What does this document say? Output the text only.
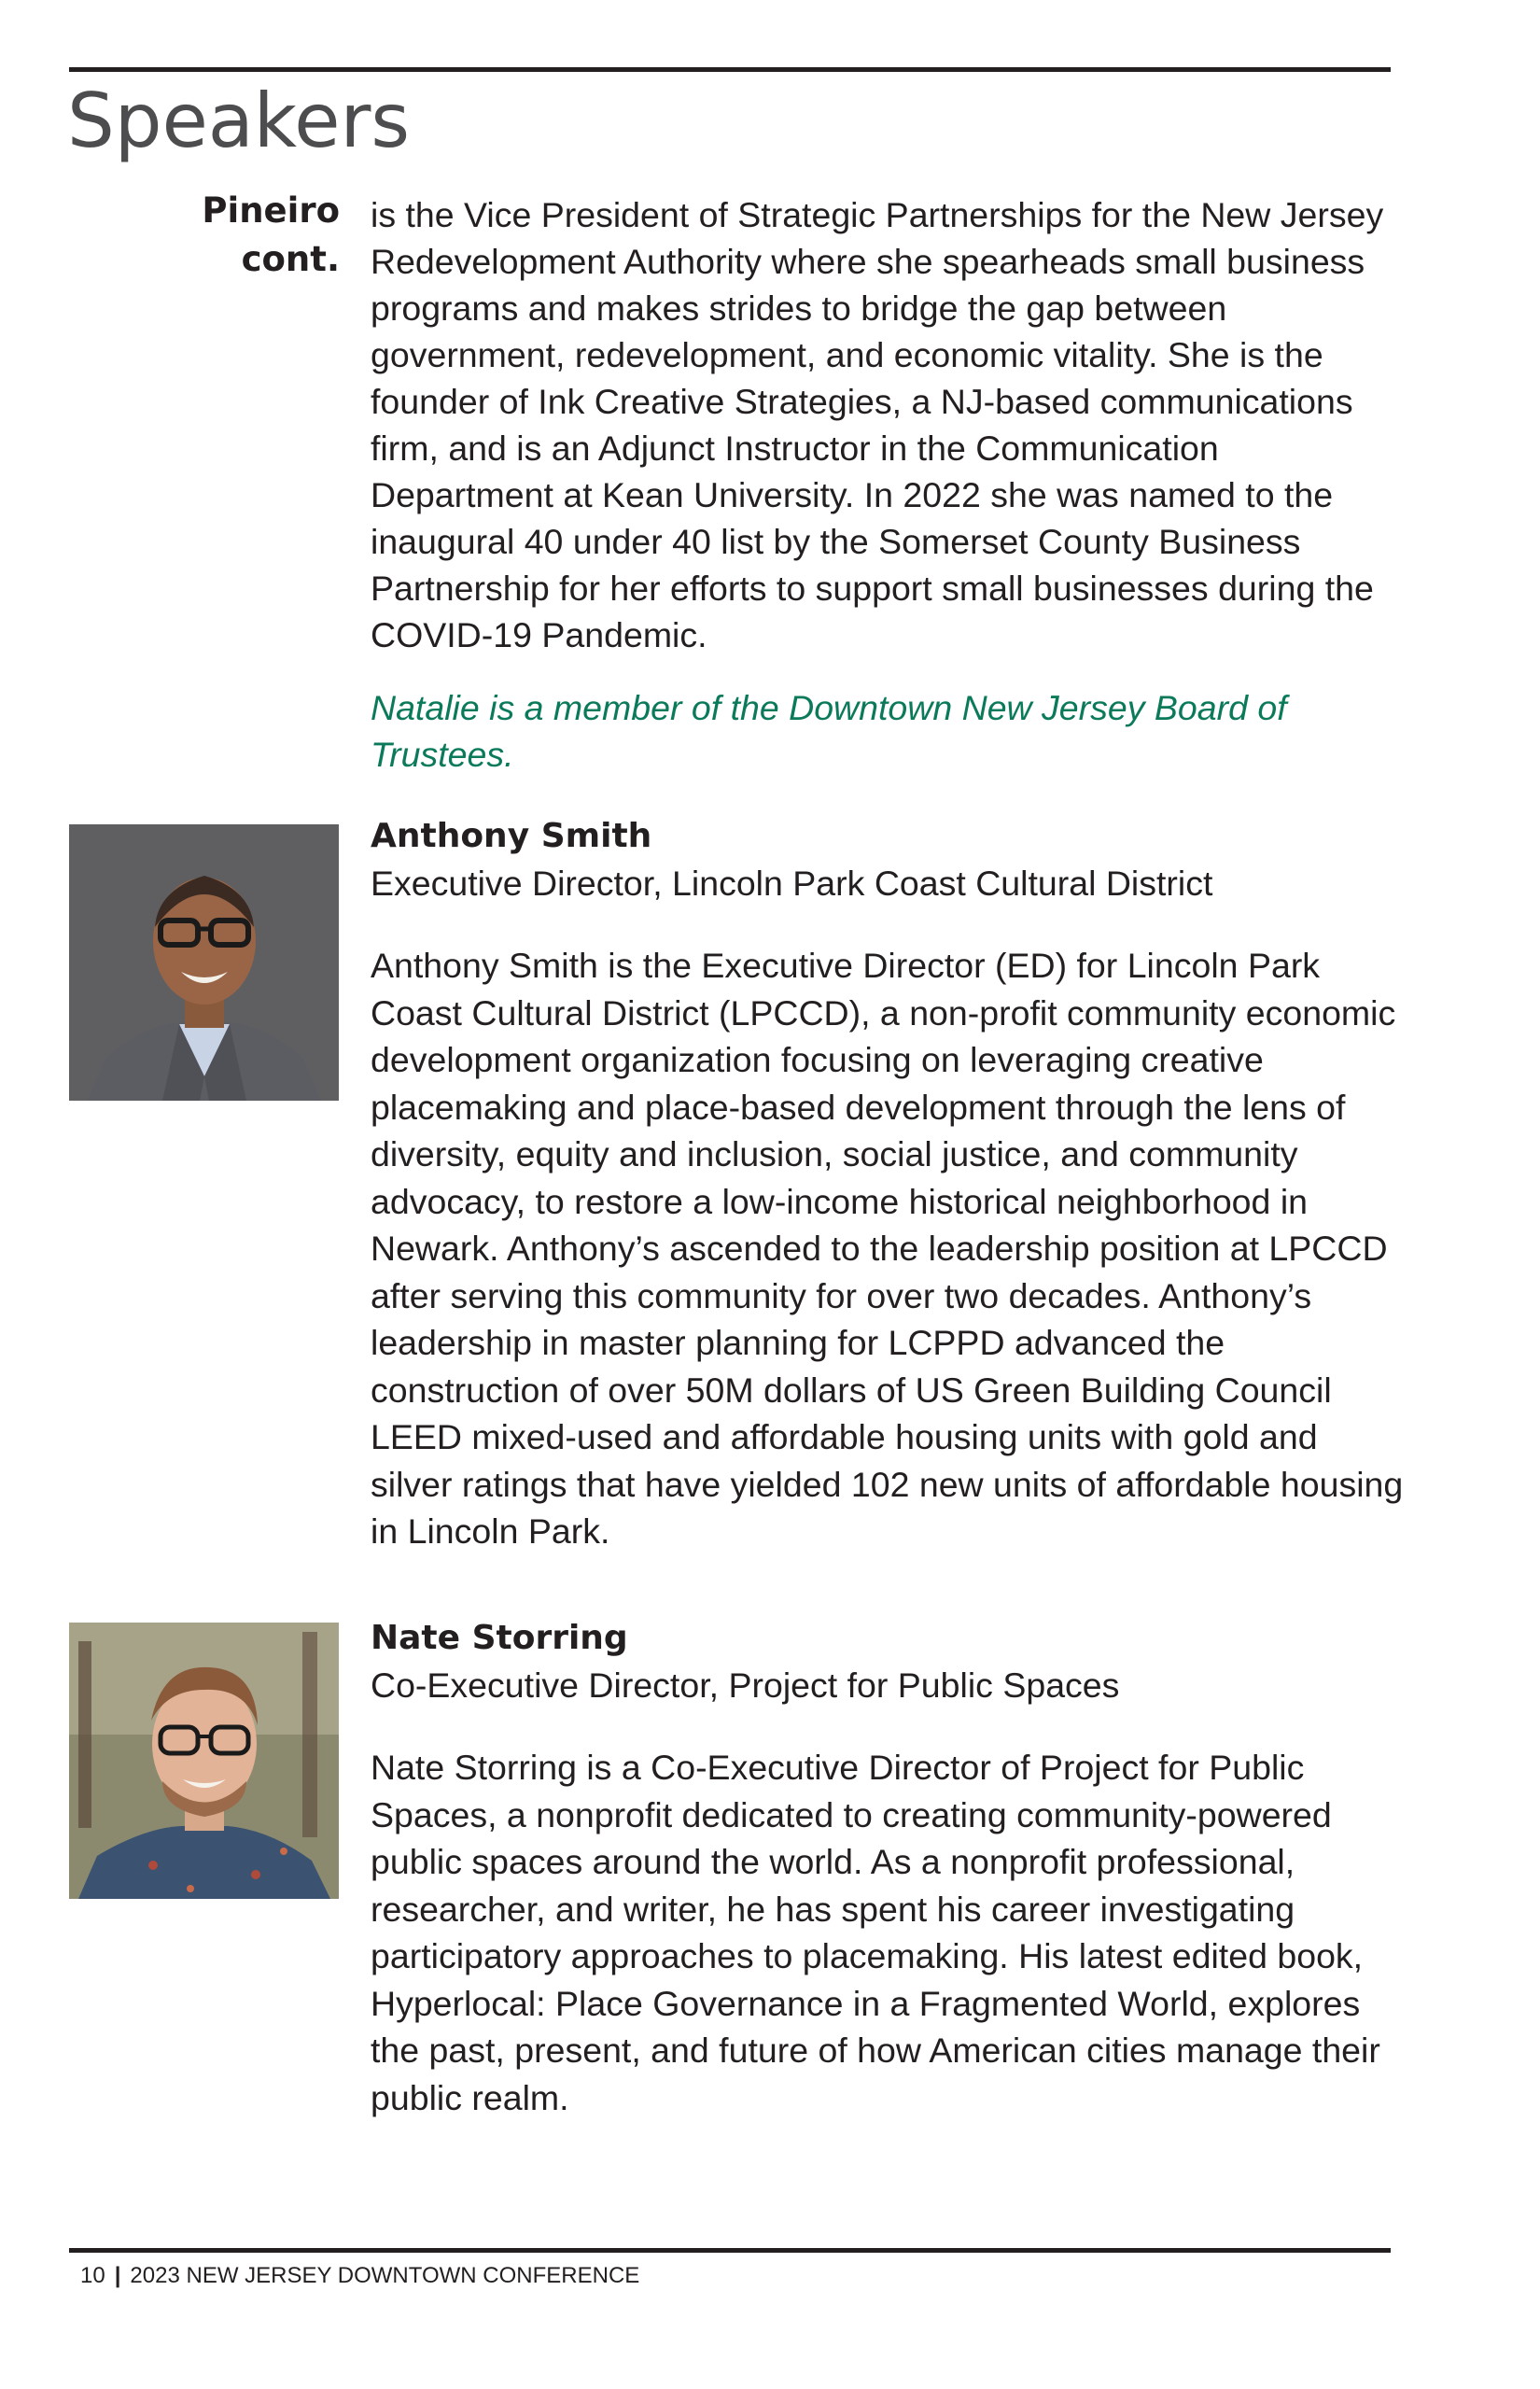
Speakers
Pineiro
cont.

is the Vice President of Strategic Partnerships for the New Jersey Redevelopment Authority where she spearheads small business programs and makes strides to bridge the gap between government, redevelopment, and economic vitality. She is the founder of Ink Creative Strategies, a NJ-based communications firm, and is an Adjunct Instructor in the Communication Department at Kean University. In 2022 she was named to the inaugural 40 under 40 list by the Somerset County Business Partnership for her efforts to support small businesses during the COVID-19 Pandemic.

Natalie is a member of the Downtown New Jersey Board of Trustees.

Anthony Smith

Executive Director, Lincoln Park Coast Cultural District

Anthony Smith is the Executive Director (ED) for Lincoln Park Coast Cultural District (LPCCD), a non-profit community economic development organization focusing on leveraging creative placemaking and place-based development through the lens of diversity, equity and inclusion, social justice, and community advocacy, to restore a low-income historical neighborhood in Newark. Anthony’s ascended to the leadership position at LPCCD after serving this community for over two decades. Anthony’s leadership in master planning for LCPPD advanced the construction of over 50M dollars of US Green Building Council LEED mixed-used and affordable housing units with gold and silver ratings that have yielded 102 new units of affordable housing in Lincoln Park.

Nate Storring

Co-Executive Director, Project for Public Spaces

Nate Storring is a Co-Executive Director of Project for Public Spaces, a nonprofit dedicated to creating community-powered public spaces around the world. As a nonprofit professional, researcher, and writer, he has spent his career investigating participatory approaches to placemaking. His latest edited book, Hyperlocal: Place Governance in a Fragmented World, explores the past, present, and future of how American cities manage their public realm.

10 | 2023 NEW JERSEY DOWNTOWN CONFERENCE
